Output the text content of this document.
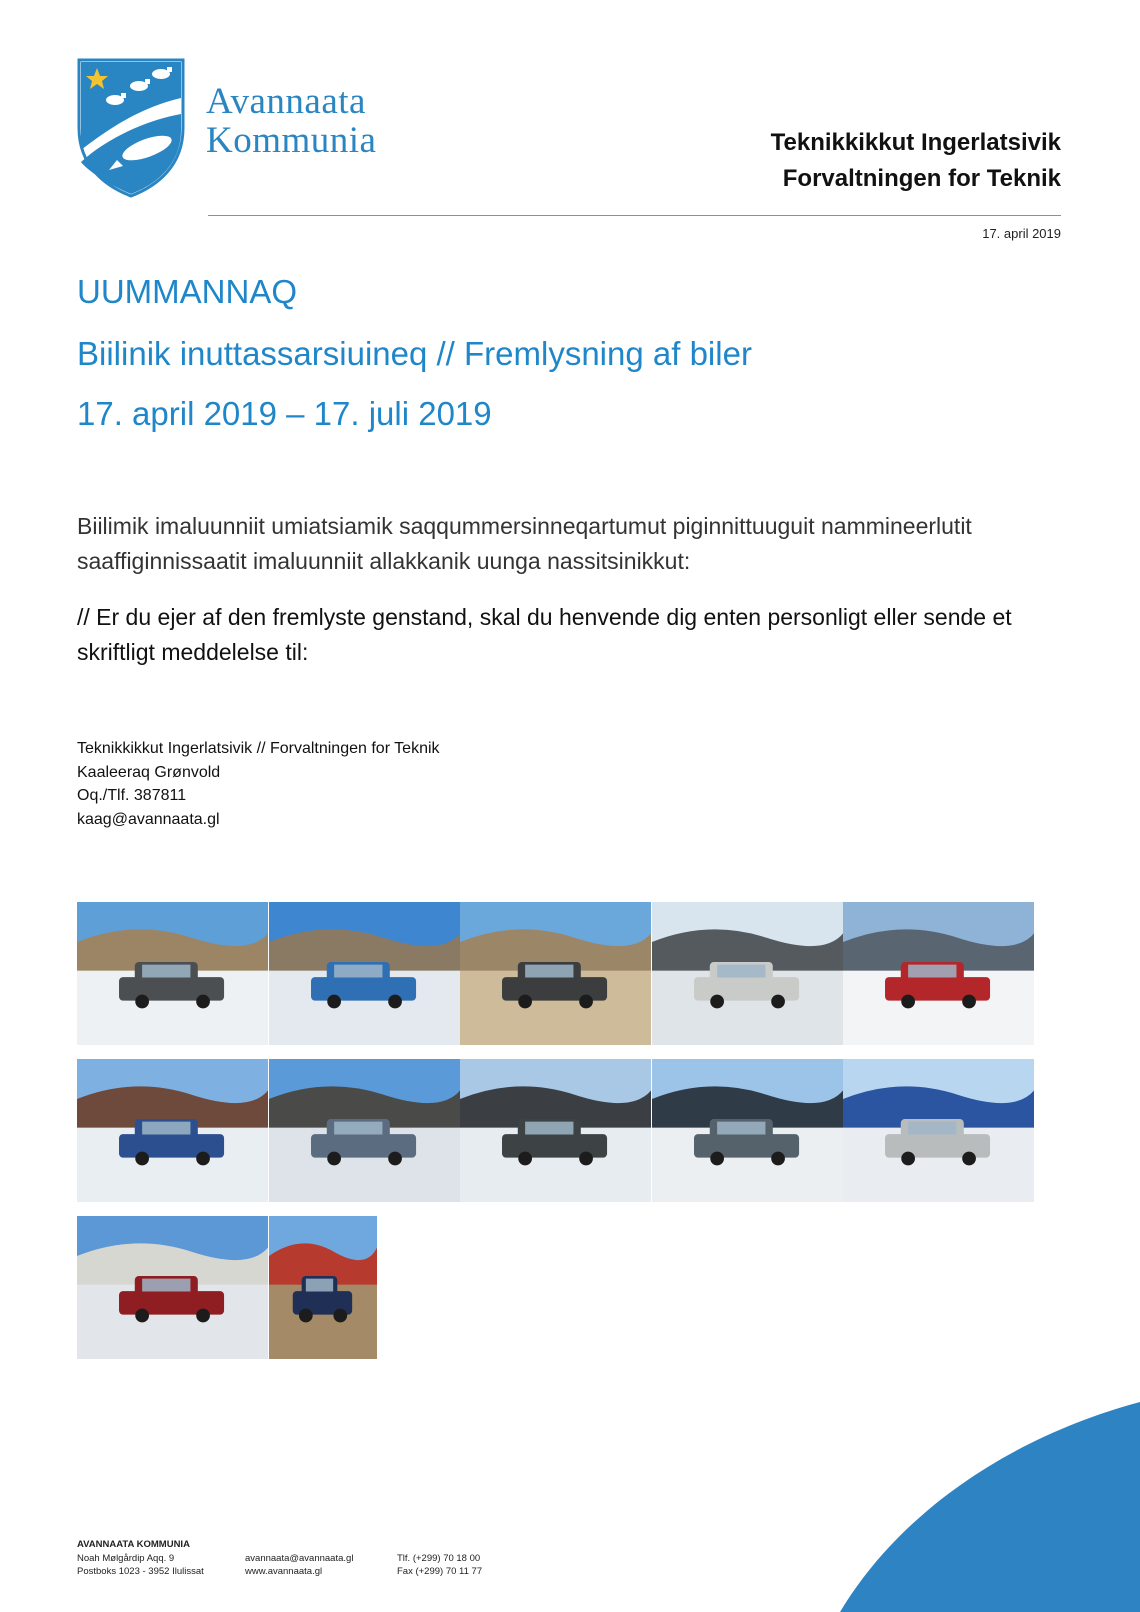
Avannaata
Kommunia	Teknikkikkut Ingerlatsivik
Forvaltningen for Teknik
17. april 2019
UUMMANNAQ
Biilinik inuttassarsiuineq // Fremlysning af biler
17. april 2019 – 17. juli 2019
Biilimik imaluunniit umiatsiamik saqqummersinneqartumut piginnittuuguit nammineerlutit saaffiginnissaatit imaluunniit allakkanik uunga nassitsinikkut:
// Er du ejer af den fremlyste genstand, skal du henvende dig enten personligt eller sende et skriftligt meddelelse til:
Teknikkikkut Ingerlatsivik // Forvaltningen for Teknik
Kaaleeraq Grønvold
Oq./Tlf. 387811
kaag@avannaata.gl
AVANNAATA KOMMUNIA
Noah Mølgårdip Aqq. 9
Postboks 1023 - 3952 Ilulissat
avannaata@avannaata.gl
www.avannaata.gl
Tlf. (+299) 70 18 00
Fax (+299) 70 11 77
